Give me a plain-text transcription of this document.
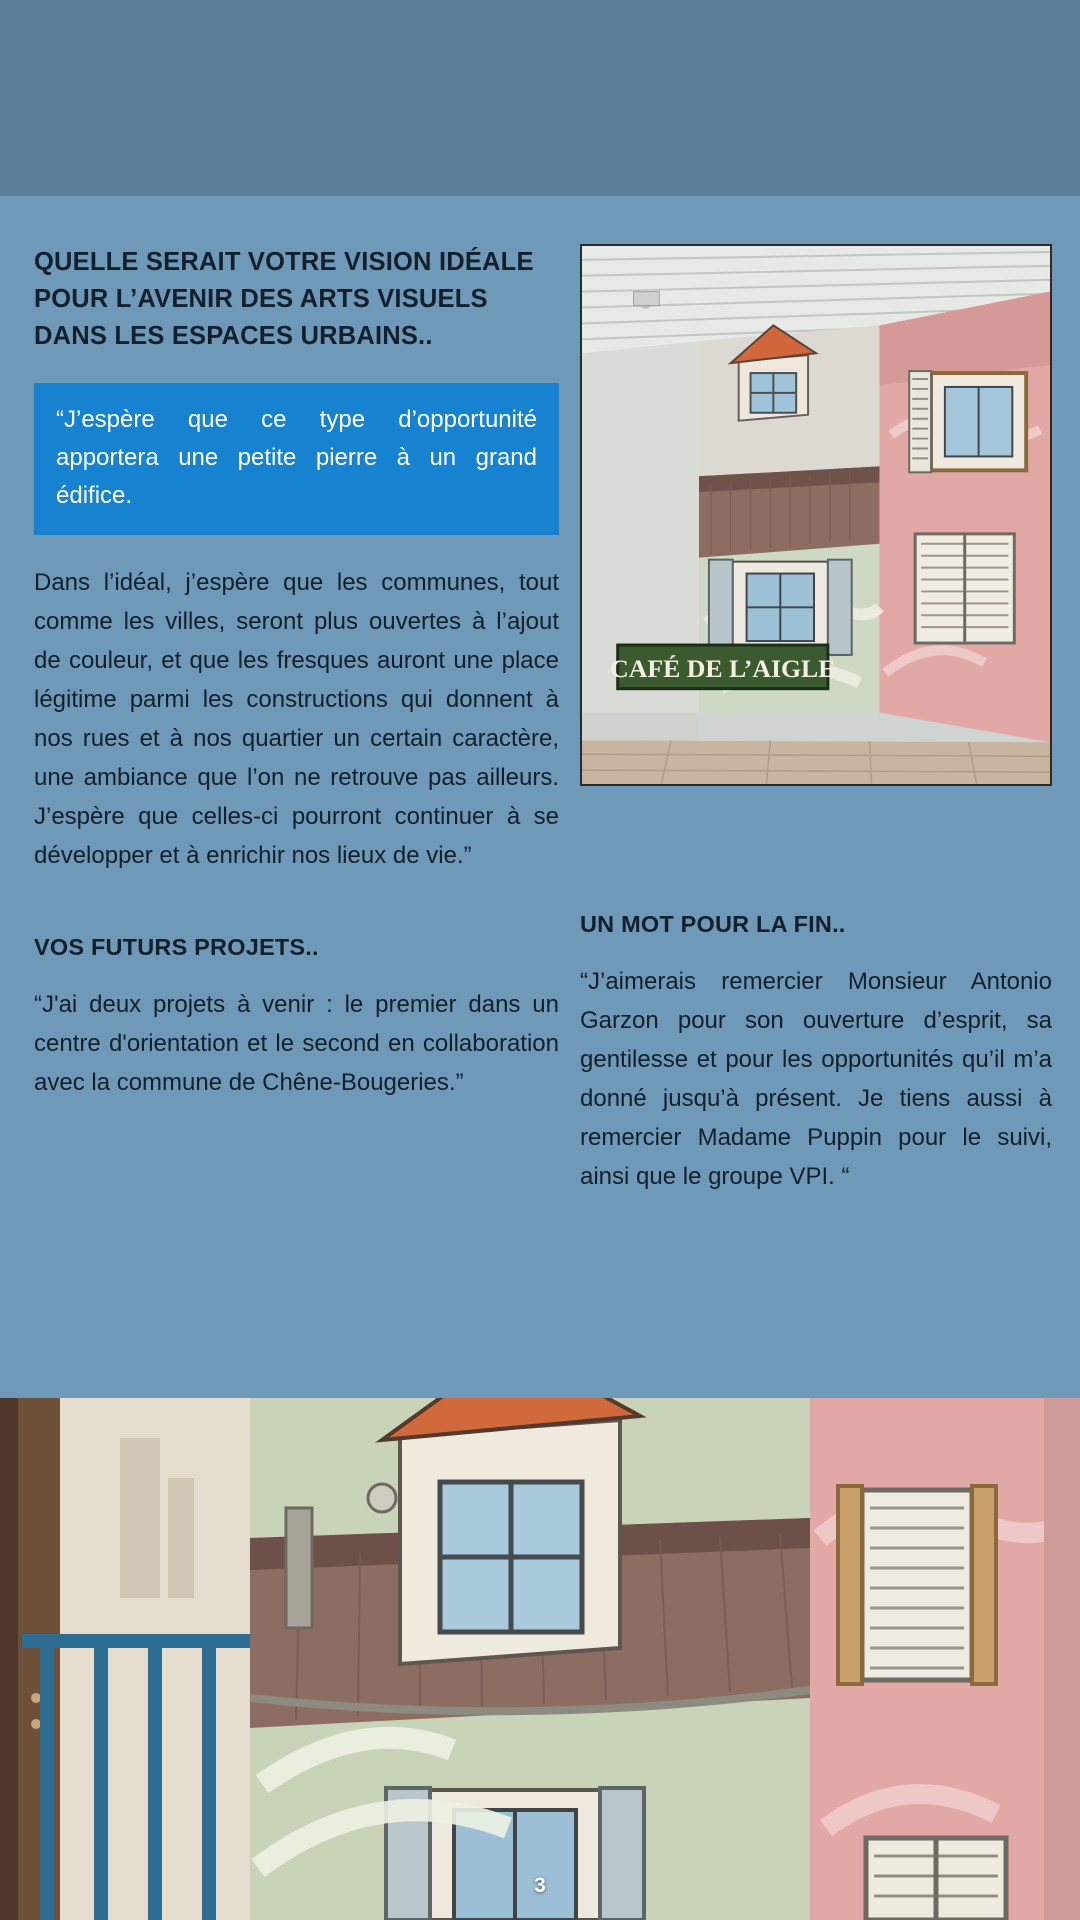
QUELLE SERAIT VOTRE VISION IDÉALE POUR L’AVENIR DES ARTS VISUELS DANS LES ESPACES URBAINS..
“J’espère que ce type d’opportunité apportera une petite pierre à un grand édifice.

Dans l’idéal, j’espère que les communes, tout comme les villes, seront plus ouvertes à l’ajout de couleur, et que les fresques auront une place légitime parmi les constructions qui donnent à nos rues et à nos quartier un certain caractère, une ambiance que l’on ne retrouve pas ailleurs. J’espère que celles-ci pourront continuer à se développer et à enrichir nos lieux de vie.”

VOS FUTURS PROJETS..

“J'ai deux projets à venir : le premier dans un centre d'orientation et le second en collaboration avec la commune de Chêne-Bougeries.”

CAFÉ DE L’AIGLE
UN MOT POUR LA FIN..

“J’aimerais remercier Monsieur Antonio Garzon pour son ouverture d’esprit, sa gentilesse et pour les opportunités qu’il m’a donné jusqu’à présent. Je tiens aussi à remercier Madame Puppin pour le suivi, ainsi que le groupe VPI. “

3
